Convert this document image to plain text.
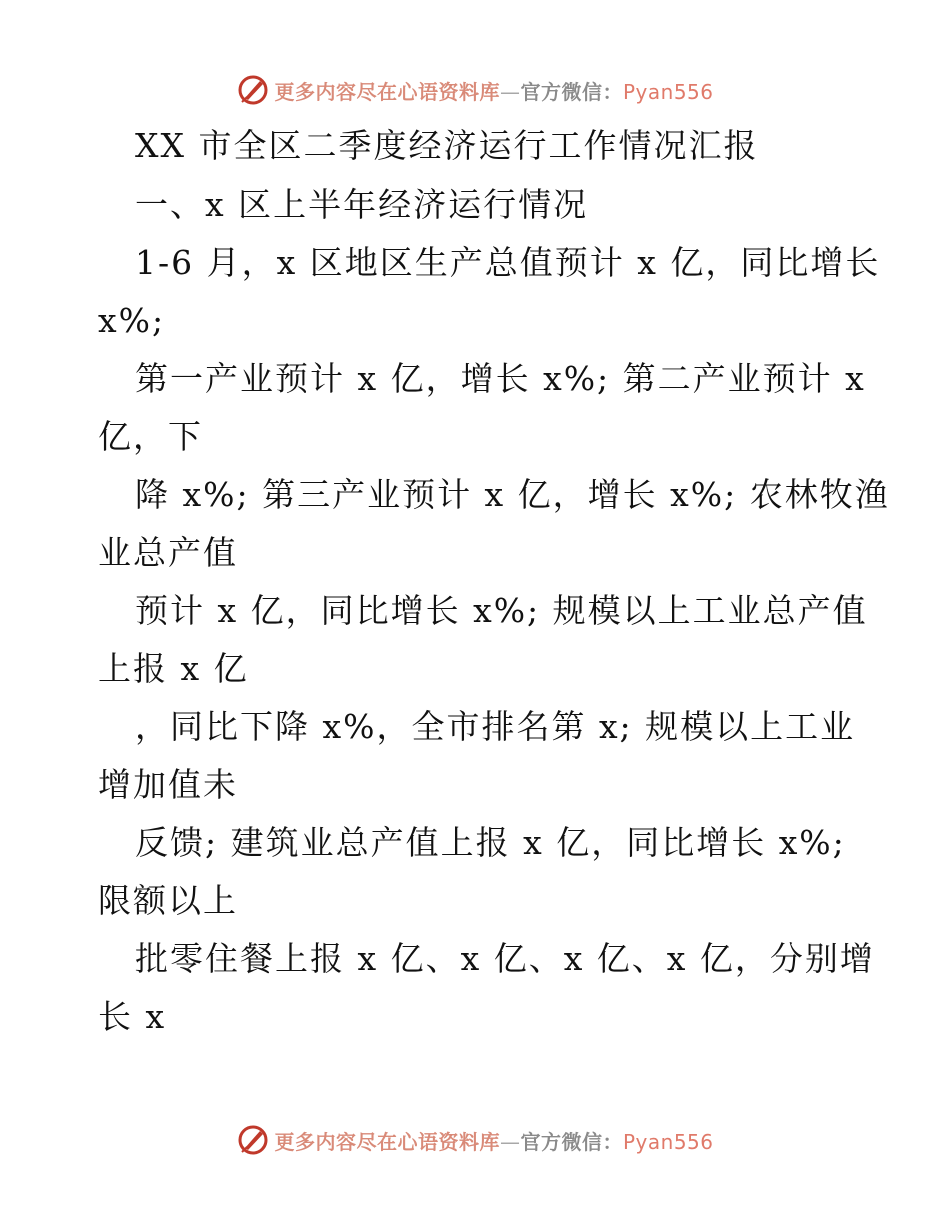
更多内容尽在心语资料库—官方微信：Pyan556
XX 市全区二季度经济运行工作情况汇报
一、x 区上半年经济运行情况
1-6 月，x 区地区生产总值预计 x 亿，同比增长
x%;
第一产业预计 x 亿，增长 x%; 第二产业预计 x
亿，下
降 x%; 第三产业预计 x 亿，增长 x%; 农林牧渔
业总产值
预计 x 亿，同比增长 x%; 规模以上工业总产值
上报 x 亿
，同比下降 x%，全市排名第 x; 规模以上工业
增加值未
反馈; 建筑业总产值上报 x 亿，同比增长 x%;
限额以上
批零住餐上报 x 亿、x 亿、x 亿、x 亿，分别增
长 x
更多内容尽在心语资料库—官方微信：Pyan556
